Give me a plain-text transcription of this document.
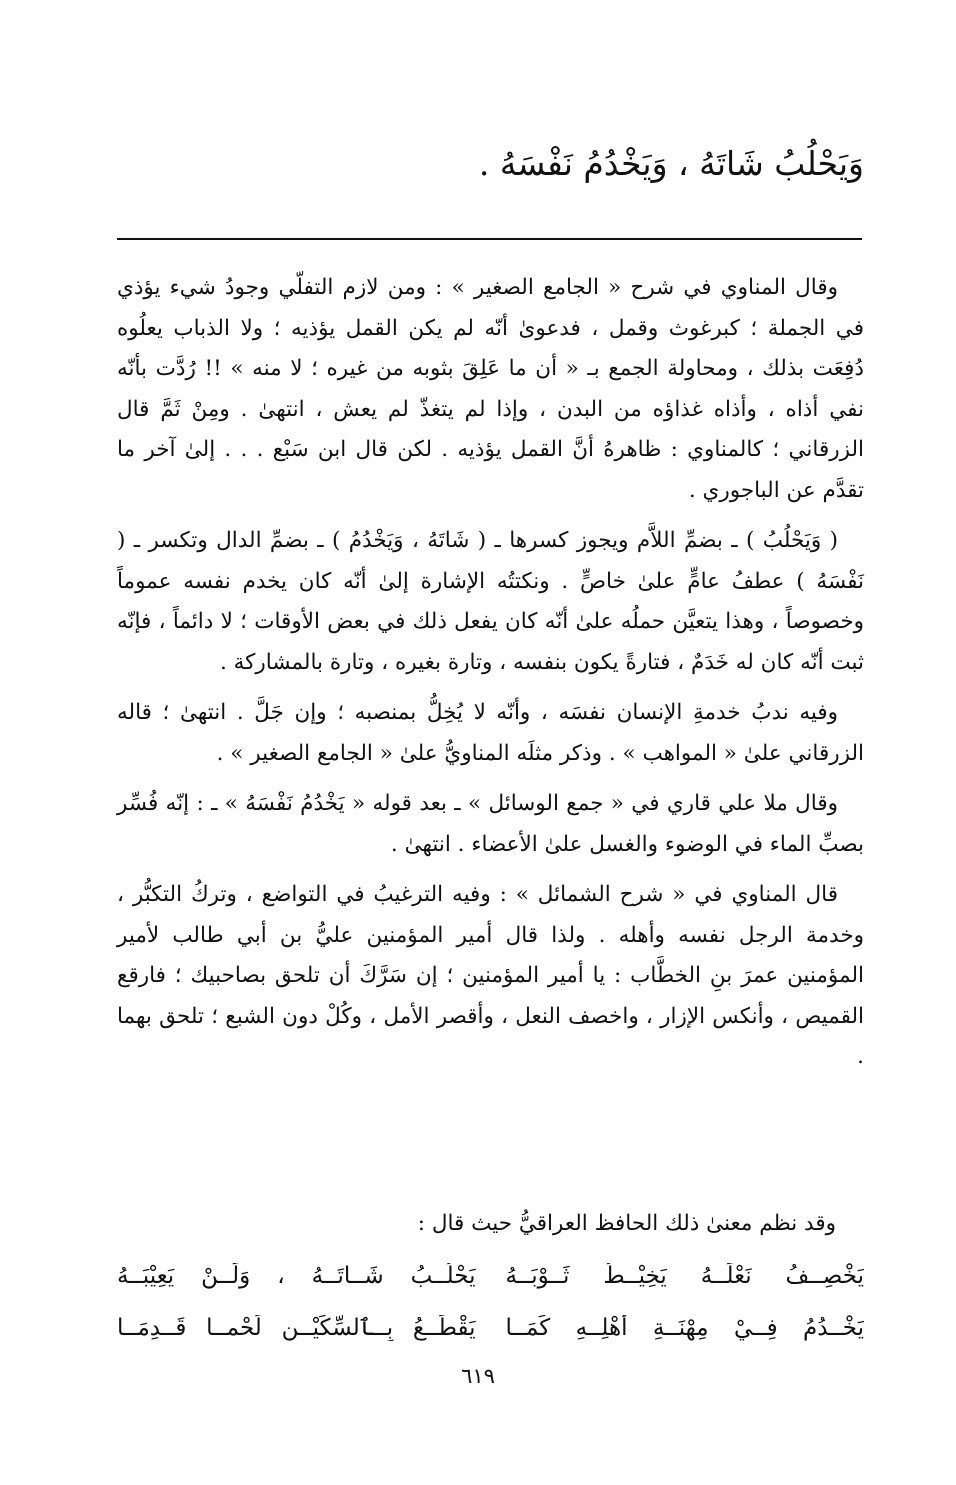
وَيَحْلُبُ شَاتَهُ ، وَيَخْدُمُ نَفْسَهُ .

وقال المناوي في شرح « الجامع الصغير » : ومن لازم التفلّي وجودُ شيء يؤذي في الجملة ؛ كبرغوث وقمل ، فدعوىٰ أنّه لم يكن القمل يؤذيه ؛ ولا الذباب يعلُوه دُفِعَت بذلك ، ومحاولة الجمع بـ « أن ما عَلِقَ بثوبه من غيره ؛ لا منه » !! رُدَّت بأنّه نفي أذاه ، وأذاه غذاؤه من البدن ، وإذا لم يتغذّ لم يعش ، انتهىٰ . ومِنْ ثَمَّ قال الزرقاني ؛ كالمناوي : ظاهرهُ أنَّ القمل يؤذيه . لكن قال ابن سَبْع . . . إلىٰ آخر ما تقدَّم عن الباجوري .

( وَيَحْلُبُ ) ـ بضمِّ اللاَّم ويجوز كسرها ـ ( شَاتَهُ ، وَيَخْدُمُ ) ـ بضمِّ الدال وتكسر ـ ( نَفْسَهُ ) عطفُ عامٍّ علىٰ خاصٍّ . ونكتتُه الإشارة إلىٰ أنّه كان يخدم نفسه عموماً وخصوصاً ، وهذا يتعيَّن حملُه علىٰ أنّه كان يفعل ذلك في بعض الأوقات ؛ لا دائماً ، فإنّه ثبت أنّه كان له خَدَمٌ ، فتارةً يكون بنفسه ، وتارة بغيره ، وتارة بالمشاركة .

وفيه ندبُ خدمةِ الإنسان نفسَه ، وأنّه لا يُخِلُّ بمنصبه ؛ وإن جَلَّ . انتهىٰ ؛ قاله الزرقاني علىٰ « المواهب » . وذكر مثلَه المناويُّ علىٰ « الجامع الصغير » .

وقال ملا علي قاري في « جمع الوسائل » ـ بعد قوله « يَخْدُمُ نَفْسَهُ » ـ : إنّه فُسِّر بصبِّ الماء في الوضوء والغسل علىٰ الأعضاء . انتهىٰ .

قال المناوي في « شرح الشمائل » : وفيه الترغيبُ في التواضع ، وتركُ التكبُّر ، وخدمة الرجل نفسه وأهله . ولذا قال أمير المؤمنين عليُّ بن أبي طالب لأمير المؤمنين عمرَ بنِ الخطَّاب : يا أمير المؤمنين ؛ إن سَرَّكَ أن تلحق بصاحبيك ؛ فارقع القميص ، وأنكس الإزار ، واخصف النعل ، وأقصر الأمل ، وكُلْ دون الشبع ؛ تلحق بهما .

وقد نظم معنىٰ ذلك الحافظ العراقيُّ حيث قال :
يَخْصِــفُ نَعْلَــهُ يَخِيْــطُ ثَــوْبَــهُ
يَحْلُــبُ شَــاتَــهُ ، وَلَــنْ يَعِيْبَــهُ
يَخْــدُمُ فِــيْ مِهْنَــةِ أَهْلِــهِ كَمَــا
يَقْطَــعُ بِــٱلسِّكِّيْــنِ لَحْمــا قَــدِمَــا
٦١٩
